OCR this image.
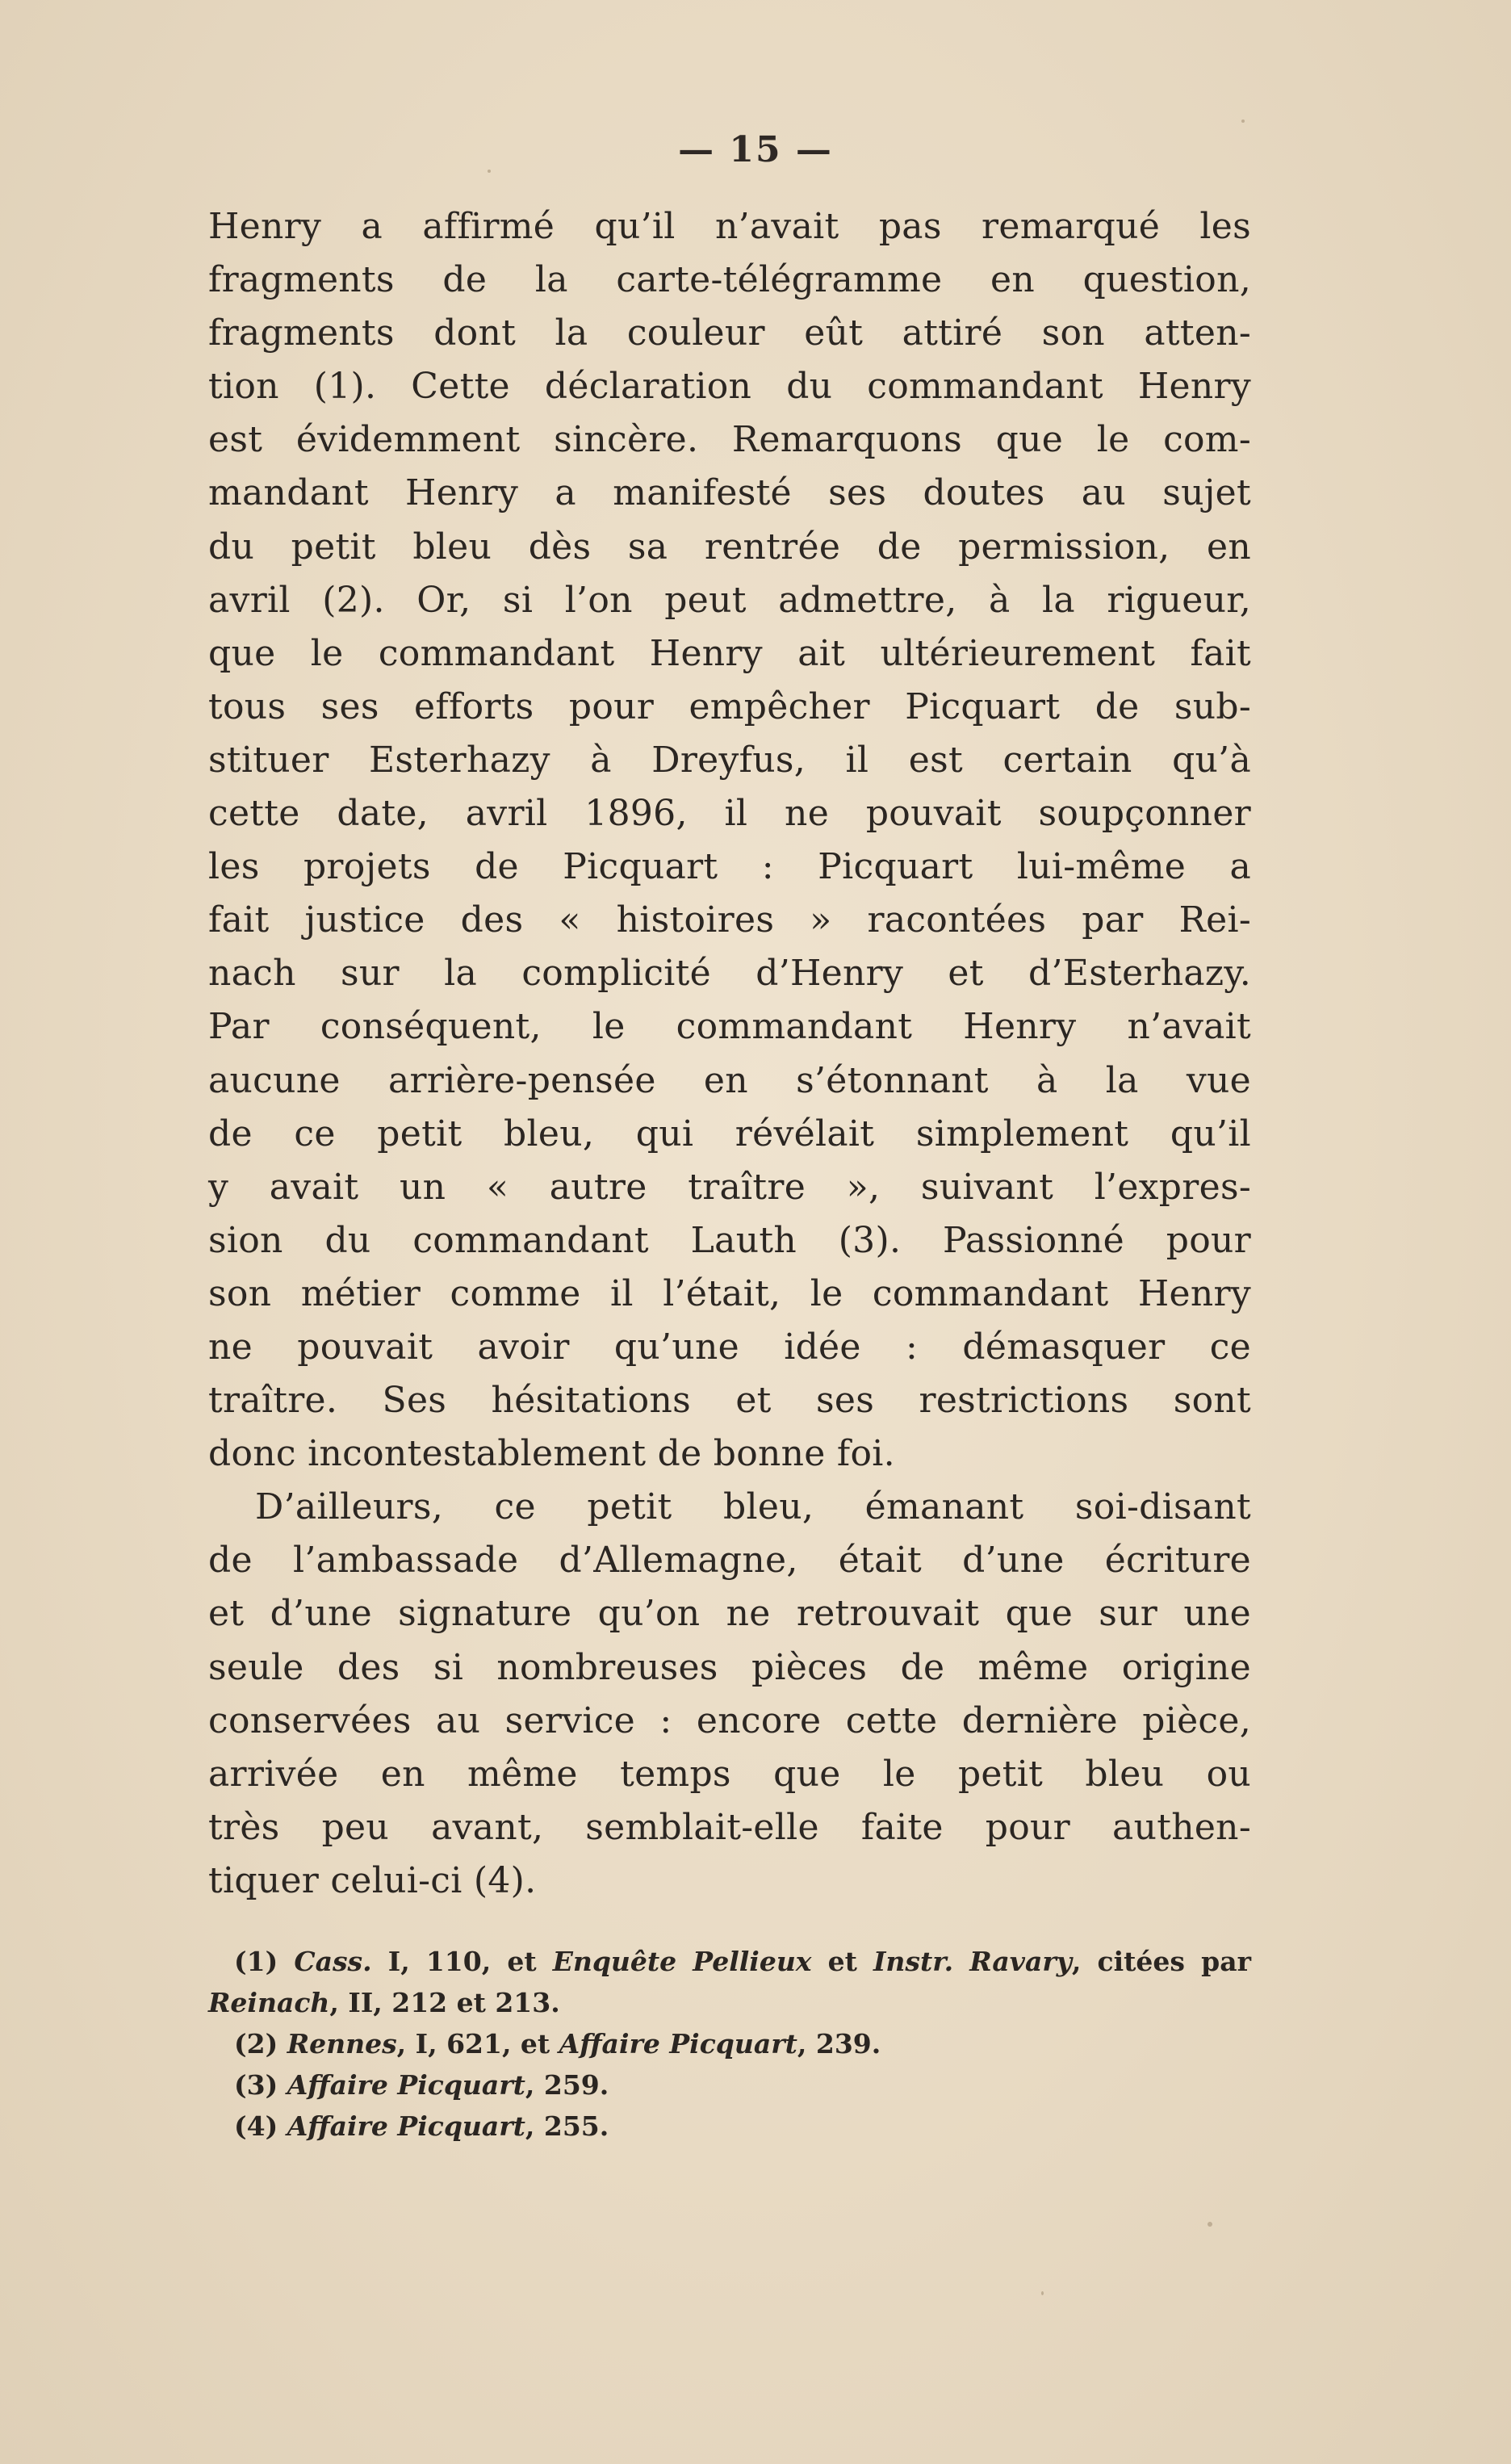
— 15 —
Henry a affirmé qu’il n’avait pas remarqué les
fragments de la carte-télégramme en question,
fragments dont la couleur eût attiré son atten-
tion (1). Cette déclaration du commandant Henry
est évidemment sincère. Remarquons que le com-
mandant Henry a manifesté ses doutes au sujet
du petit bleu dès sa rentrée de permission, en
avril (2). Or, si l’on peut admettre, à la rigueur,
que le commandant Henry ait ultérieurement fait
tous ses efforts pour empêcher Picquart de sub-
stituer Esterhazy à Dreyfus, il est certain qu’à
cette date, avril 1896, il ne pouvait soupçonner
les projets de Picquart : Picquart lui-même a
fait justice des « histoires » racontées par Rei-
nach sur la complicité d’Henry et d’Esterhazy.
Par conséquent, le commandant Henry n’avait
aucune arrière-pensée en s’étonnant à la vue
de ce petit bleu, qui révélait simplement qu’il
y avait un « autre traître », suivant l’expres-
sion du commandant Lauth (3). Passionné pour
son métier comme il l’était, le commandant Henry
ne pouvait avoir qu’une idée : démasquer ce
traître. Ses hésitations et ses restrictions sont
donc incontestablement de bonne foi.
D’ailleurs, ce petit bleu, émanant soi-disant
de l’ambassade d’Allemagne, était d’une écriture
et d’une signature qu’on ne retrouvait que sur une
seule des si nombreuses pièces de même origine
conservées au service : encore cette dernière pièce,
arrivée en même temps que le petit bleu ou
très peu avant, semblait-elle faite pour authen-
tiquer celui-ci (4).
(1) Cass. I, 110, et Enquête Pellieux et Instr. Ravary, citées par
Reinach, II, 212 et 213.
(2) Rennes, I, 621, et Affaire Picquart, 239.
(3) Affaire Picquart, 259.
(4) Affaire Picquart, 255.
